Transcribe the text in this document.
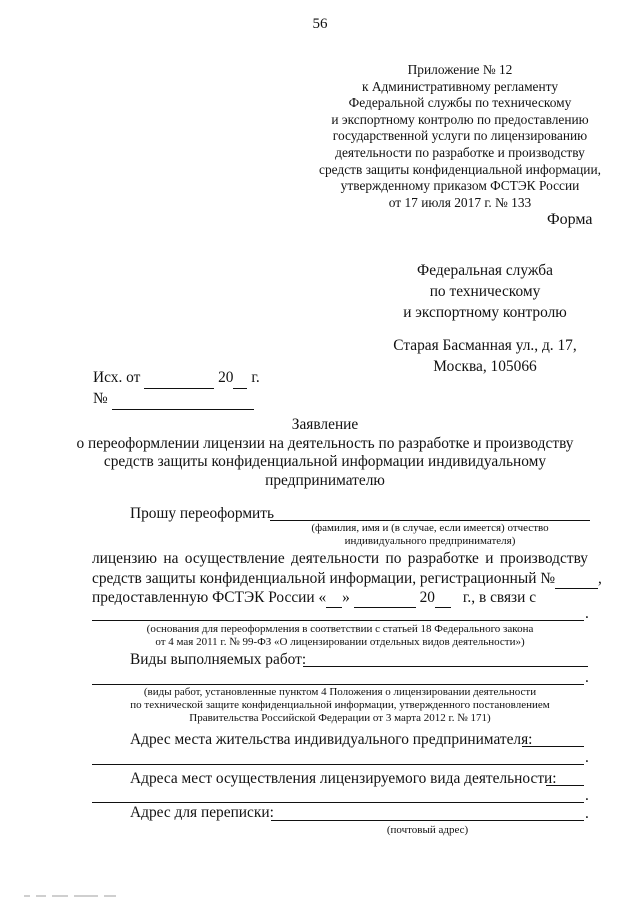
56
Приложение № 12
к Административному регламенту
Федеральной службы по техническому
и экспортному контролю по предоставлению
государственной услуги по лицензированию
деятельности по разработке и производству
средств защиты конфиденциальной информации,
утвержденному приказом ФСТЭК России
от 17 июля 2017 г. № 133
Форма
Федеральная служба
по техническому
и экспортному контролю
Старая Басманная ул., д. 17,
Москва, 105066
Исх. от	20 г.
№
Заявление
о переоформлении лицензии на деятельность по разработке и производству
средств защиты конфиденциальной информации индивидуальному
предпринимателю
Прошу переоформить
(фамилия, имя и (в случае, если имеется) отчество
индивидуального предпринимателя)
лицензию на осуществление деятельности по разработке и производству
средств защиты конфиденциальной информации, регистрационный №	,
предоставленную ФСТЭК России « »	20 г., в связи с
.
(основания для переоформления в соответствии с статьей 18 Федерального закона
от 4 мая 2011 г. № 99-ФЗ «О лицензировании отдельных видов деятельности»)
Виды выполняемых работ:
.
(виды работ, установленные пунктом 4 Положения о лицензировании деятельности
по технической защите конфиденциальной информации, утвержденного постановлением
Правительства Российской Федерации от 3 марта 2012 г. № 171)
Адрес места жительства индивидуального предпринимателя:
.
Адреса мест осуществления лицензируемого вида деятельности:
.
Адрес для переписки:	.
(почтовый адрес)
